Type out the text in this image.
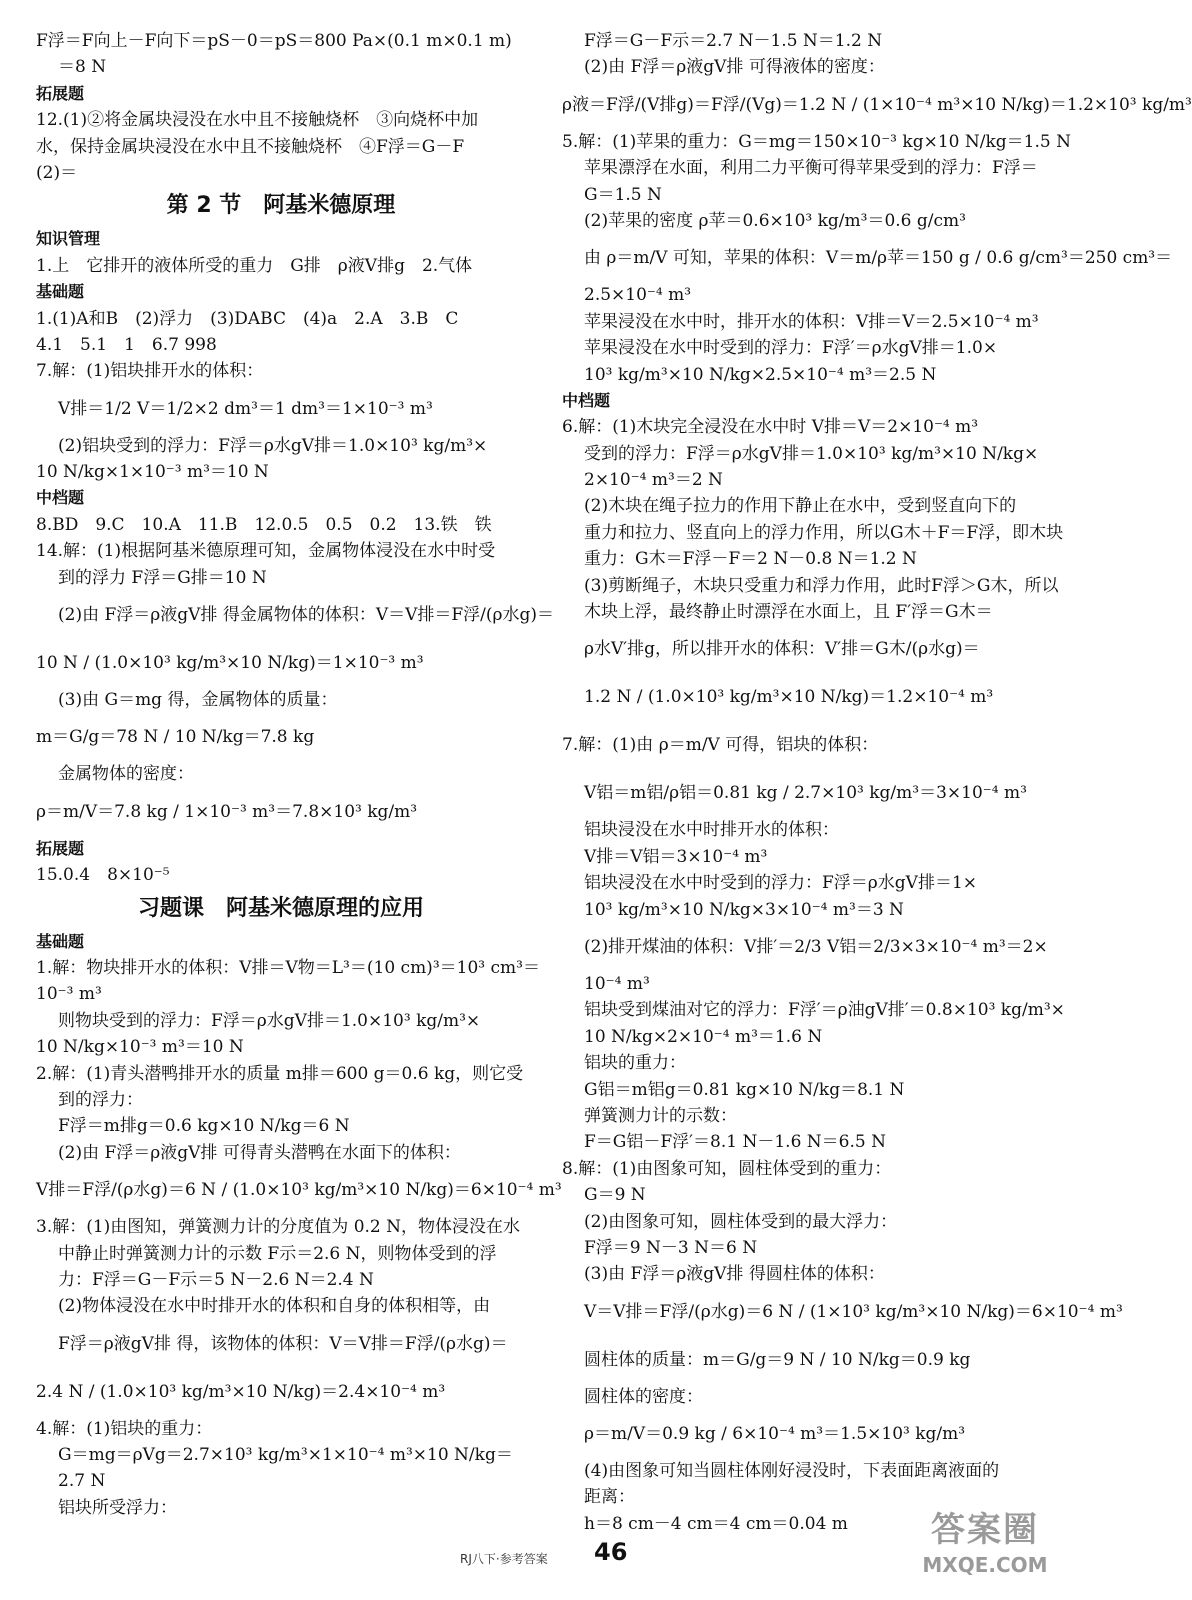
F浮＝F向上－F向下＝pS－0＝pS＝800 Pa×(0.1 m×0.1 m)
＝8 N
拓展题
12.(1)②将金属块浸没在水中且不接触烧杯　③向烧杯中加
水，保持金属块浸没在水中且不接触烧杯　④F浮＝G－F
(2)＝
第 2 节　阿基米德原理
知识管理
1.上　它排开的液体所受的重力　G排　ρ液V排g　2.气体
基础题
1.(1)A和B　(2)浮力　(3)DABC　(4)a　2.A　3.B　C
4.1　5.1　1　6.7 998
7.解：(1)铝块排开水的体积：
V排＝1/2 V＝1/2×2 dm³＝1 dm³＝1×10⁻³ m³
(2)铝块受到的浮力：F浮＝ρ水gV排＝1.0×10³ kg/m³×
10 N/kg×1×10⁻³ m³＝10 N
中档题
8.BD　9.C　10.A　11.B　12.0.5　0.5　0.2　13.铁　铁
14.解：(1)根据阿基米德原理可知，金属物体浸没在水中时受
到的浮力 F浮＝G排＝10 N
(2)由 F浮＝ρ液gV排 得金属物体的体积：V＝V排＝F浮/(ρ水g)＝
10 N / (1.0×10³ kg/m³×10 N/kg)＝1×10⁻³ m³
(3)由 G＝mg 得，金属物体的质量：
m＝G/g＝78 N / 10 N/kg＝7.8 kg
金属物体的密度：
ρ＝m/V＝7.8 kg / 1×10⁻³ m³＝7.8×10³ kg/m³
拓展题
15.0.4　8×10⁻⁵
习题课　阿基米德原理的应用
基础题
1.解：物块排开水的体积：V排＝V物＝L³＝(10 cm)³＝10³ cm³＝
10⁻³ m³
则物块受到的浮力：F浮＝ρ水gV排＝1.0×10³ kg/m³×
10 N/kg×10⁻³ m³＝10 N
2.解：(1)青头潜鸭排开水的质量 m排＝600 g＝0.6 kg，则它受
到的浮力：
F浮＝m排g＝0.6 kg×10 N/kg＝6 N
(2)由 F浮＝ρ液gV排 可得青头潜鸭在水面下的体积：
V排＝F浮/(ρ水g)＝6 N / (1.0×10³ kg/m³×10 N/kg)＝6×10⁻⁴ m³
3.解：(1)由图知，弹簧测力计的分度值为 0.2 N，物体浸没在水
中静止时弹簧测力计的示数 F示＝2.6 N，则物体受到的浮
力：F浮＝G－F示＝5 N－2.6 N＝2.4 N
(2)物体浸没在水中时排开水的体积和自身的体积相等，由
F浮＝ρ液gV排 得，该物体的体积：V＝V排＝F浮/(ρ水g)＝
2.4 N / (1.0×10³ kg/m³×10 N/kg)＝2.4×10⁻⁴ m³
4.解：(1)铝块的重力：
G＝mg＝ρVg＝2.7×10³ kg/m³×1×10⁻⁴ m³×10 N/kg＝
2.7 N
铝块所受浮力：
F浮＝G－F示＝2.7 N－1.5 N＝1.2 N
(2)由 F浮＝ρ液gV排 可得液体的密度：
ρ液＝F浮/(V排g)＝F浮/(Vg)＝1.2 N / (1×10⁻⁴ m³×10 N/kg)＝1.2×10³ kg/m³
5.解：(1)苹果的重力：G＝mg＝150×10⁻³ kg×10 N/kg＝1.5 N
苹果漂浮在水面，利用二力平衡可得苹果受到的浮力：F浮＝
G＝1.5 N
(2)苹果的密度 ρ苹＝0.6×10³ kg/m³＝0.6 g/cm³
由 ρ＝m/V 可知，苹果的体积：V＝m/ρ苹＝150 g / 0.6 g/cm³＝250 cm³＝
2.5×10⁻⁴ m³
苹果浸没在水中时，排开水的体积：V排＝V＝2.5×10⁻⁴ m³
苹果浸没在水中时受到的浮力：F浮′＝ρ水gV排＝1.0×
10³ kg/m³×10 N/kg×2.5×10⁻⁴ m³＝2.5 N
中档题
6.解：(1)木块完全浸没在水中时 V排＝V＝2×10⁻⁴ m³
受到的浮力：F浮＝ρ水gV排＝1.0×10³ kg/m³×10 N/kg×
2×10⁻⁴ m³＝2 N
(2)木块在绳子拉力的作用下静止在水中，受到竖直向下的
重力和拉力、竖直向上的浮力作用，所以G木＋F＝F浮，即木块
重力：G木＝F浮－F＝2 N－0.8 N＝1.2 N
(3)剪断绳子，木块只受重力和浮力作用，此时F浮＞G木，所以
木块上浮，最终静止时漂浮在水面上，且 F′浮＝G木＝
ρ水V′排g，所以排开水的体积：V′排＝G木/(ρ水g)＝
1.2 N / (1.0×10³ kg/m³×10 N/kg)＝1.2×10⁻⁴ m³
7.解：(1)由 ρ＝m/V 可得，铝块的体积：
V铝＝m铝/ρ铝＝0.81 kg / 2.7×10³ kg/m³＝3×10⁻⁴ m³
铝块浸没在水中时排开水的体积：
V排＝V铝＝3×10⁻⁴ m³
铝块浸没在水中时受到的浮力：F浮＝ρ水gV排＝1×
10³ kg/m³×10 N/kg×3×10⁻⁴ m³＝3 N
(2)排开煤油的体积：V排′＝2/3 V铝＝2/3×3×10⁻⁴ m³＝2×
10⁻⁴ m³
铝块受到煤油对它的浮力：F浮′＝ρ油gV排′＝0.8×10³ kg/m³×
10 N/kg×2×10⁻⁴ m³＝1.6 N
铝块的重力：
G铝＝m铝g＝0.81 kg×10 N/kg＝8.1 N
弹簧测力计的示数：
F＝G铝－F浮′＝8.1 N－1.6 N＝6.5 N
8.解：(1)由图象可知，圆柱体受到的重力：
G＝9 N
(2)由图象可知，圆柱体受到的最大浮力：
F浮＝9 N－3 N＝6 N
(3)由 F浮＝ρ液gV排 得圆柱体的体积：
V＝V排＝F浮/(ρ水g)＝6 N / (1×10³ kg/m³×10 N/kg)＝6×10⁻⁴ m³
圆柱体的质量：m＝G/g＝9 N / 10 N/kg＝0.9 kg
圆柱体的密度：
ρ＝m/V＝0.9 kg / 6×10⁻⁴ m³＝1.5×10³ kg/m³
(4)由图象可知当圆柱体刚好浸没时，下表面距离液面的
距离：
h＝8 cm－4 cm＝4 cm＝0.04 m
RJ八下·参考答案 46
答案圈
MXQE.COM
